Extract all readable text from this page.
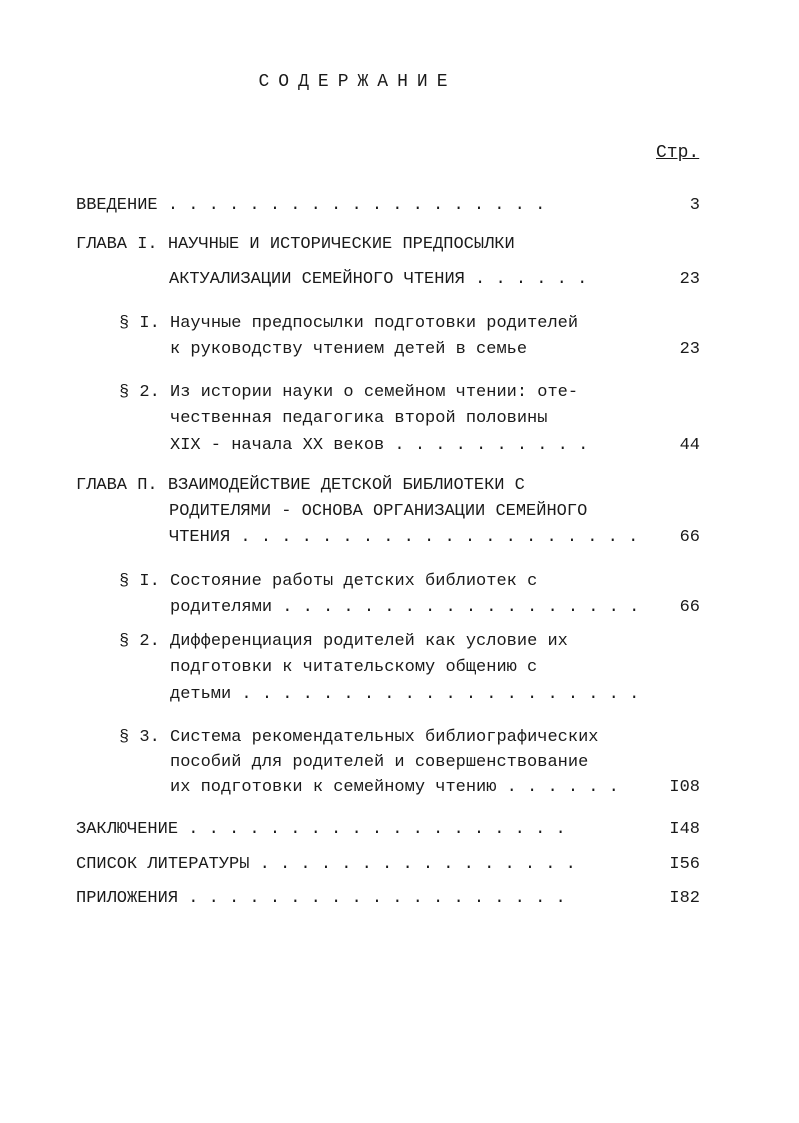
СОДЕРЖАНИЕ
Стр.
ВВЕДЕНИЕ . . . . . . . . . . . . . . . . . . .	3
ГЛАВА I. НАУЧНЫЕ И ИСТОРИЧЕСКИЕ ПРЕДПОСЫЛКИ
АКТУАЛИЗАЦИИ СЕМЕЙНОГО ЧТЕНИЯ . . . . . .	23
§ I. Научные предпосылки подготовки родителей
к руководству чтением детей в семье	23
§ 2. Из истории науки о семейном чтении: оте-
чественная педагогика второй половины
XIX - начала XX веков . . . . . . . . . .	44
ГЛАВА П. ВЗАИМОДЕЙСТВИЕ ДЕТСКОЙ БИБЛИОТЕКИ С
РОДИТЕЛЯМИ - ОСНОВА ОРГАНИЗАЦИИ СЕМЕЙНОГО
ЧТЕНИЯ . . . . . . . . . . . . . . . . . . . .	66
§ I. Состояние работы детских библиотек с
родителями . . . . . . . . . . . . . . . . . .	66
§ 2. Дифференциация родителей как условие их
подготовки к читательскому общению с
детьми . . . . . . . . . . . . . . . . . . . .
§ 3. Система рекомендательных библиографических
пособий для родителей и совершенствование
их подготовки к семейному чтению . . . . . .	I08
ЗАКЛЮЧЕНИЕ . . . . . . . . . . . . . . . . . . .	I48
СПИСОК ЛИТЕРАТУРЫ . . . . . . . . . . . . . . . .	I56
ПРИЛОЖЕНИЯ . . . . . . . . . . . . . . . . . . .	I82
